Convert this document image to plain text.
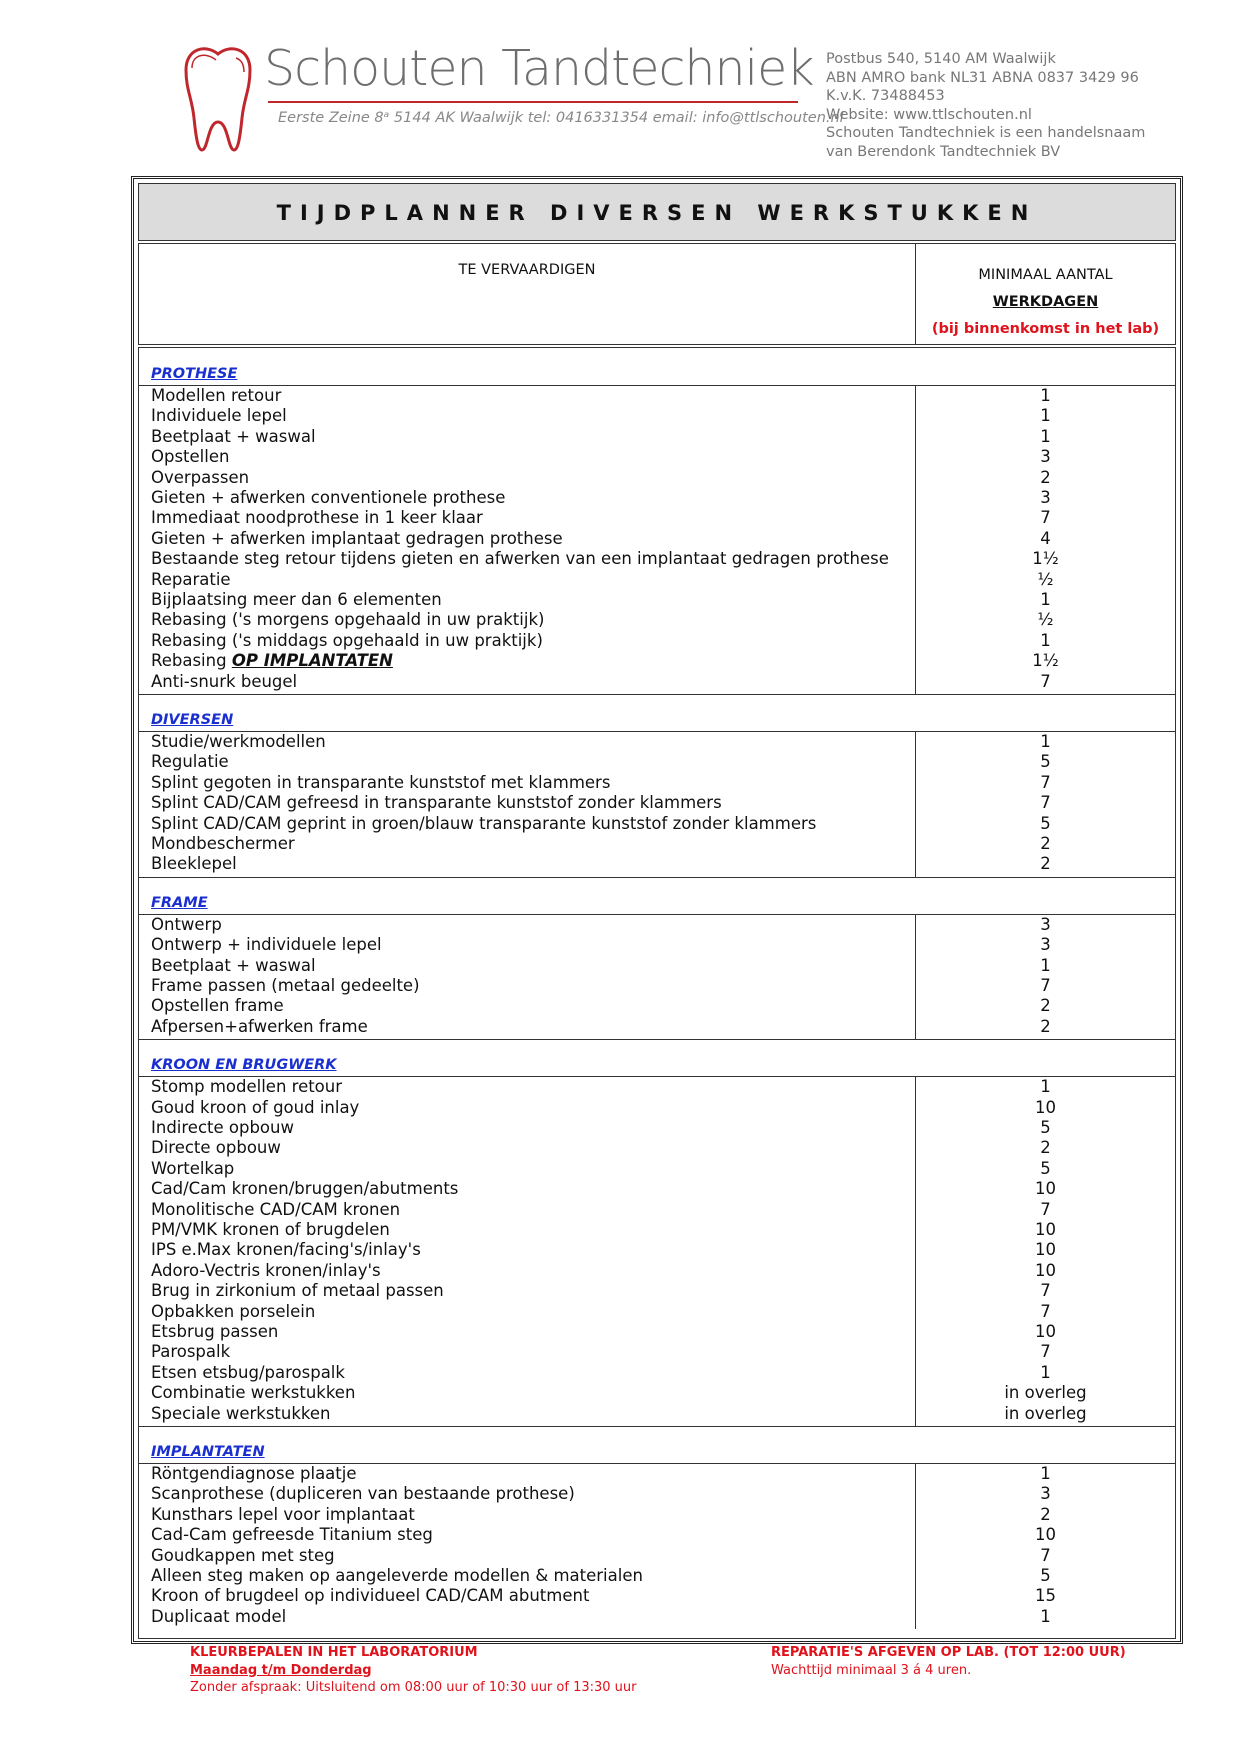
Schouten Tandtechniek
Eerste Zeine 8ᵃ 5144 AK Waalwijk tel: 0416331354 email: info@ttlschouten.nl
Postbus 540, 5140 AM Waalwijk
ABN AMRO bank NL31 ABNA 0837 3429 96
K.v.K. 73488453
Website: www.ttlschouten.nl
Schouten Tandtechniek is een handelsnaam
van Berendonk Tandtechniek BV
TIJDPLANNER DIVERSEN WERKSTUKKEN
TE VERVAARDIGEN	MINIMAAL AANTAL
WERKDAGEN
(bij binnenkomst in het lab)
PROTHESE
Modellen retour	1
Individuele lepel	1
Beetplaat + waswal	1
Opstellen	3
Overpassen	2
Gieten + afwerken conventionele prothese	3
Immediaat noodprothese in 1 keer klaar	7
Gieten + afwerken implantaat gedragen prothese	4
Bestaande steg retour tijdens gieten en afwerken van een implantaat gedragen prothese	1½
Reparatie	½
Bijplaatsing meer dan 6 elementen	1
Rebasing ('s morgens opgehaald in uw praktijk)	½
Rebasing ('s middags opgehaald in uw praktijk)	1
Rebasing OP IMPLANTATEN	1½
Anti-snurk beugel	7
DIVERSEN
Studie/werkmodellen	1
Regulatie	5
Splint gegoten in transparante kunststof met klammers	7
Splint CAD/CAM gefreesd in transparante kunststof zonder klammers	7
Splint CAD/CAM geprint in groen/blauw transparante kunststof zonder klammers	5
Mondbeschermer	2
Bleeklepel	2
FRAME
Ontwerp	3
Ontwerp + individuele lepel	3
Beetplaat + waswal	1
Frame passen (metaal gedeelte)	7
Opstellen frame	2
Afpersen+afwerken frame	2
KROON EN BRUGWERK
Stomp modellen retour	1
Goud kroon of goud inlay	10
Indirecte opbouw	5
Directe opbouw	2
Wortelkap	5
Cad/Cam kronen/bruggen/abutments	10
Monolitische CAD/CAM kronen	7
PM/VMK kronen of brugdelen	10
IPS e.Max kronen/facing's/inlay's	10
Adoro-Vectris kronen/inlay's	10
Brug in zirkonium of metaal passen	7
Opbakken porselein	7
Etsbrug passen	10
Parospalk	7
Etsen etsbug/parospalk	1
Combinatie werkstukken	in overleg
Speciale werkstukken	in overleg
IMPLANTATEN
Röntgendiagnose plaatje	1
Scanprothese (dupliceren van bestaande prothese)	3
Kunsthars lepel voor implantaat	2
Cad-Cam gefreesde Titanium steg	10
Goudkappen met steg	7
Alleen steg maken op aangeleverde modellen & materialen	5
Kroon of brugdeel op individueel CAD/CAM abutment	15
Duplicaat model	1
KLEURBEPALEN IN HET LABORATORIUM
Maandag t/m Donderdag
Zonder afspraak: Uitsluitend om 08:00 uur of 10:30 uur of 13:30 uur
REPARATIE'S AFGEVEN OP LAB. (TOT 12:00 UUR)
Wachttijd minimaal 3 á 4 uren.
